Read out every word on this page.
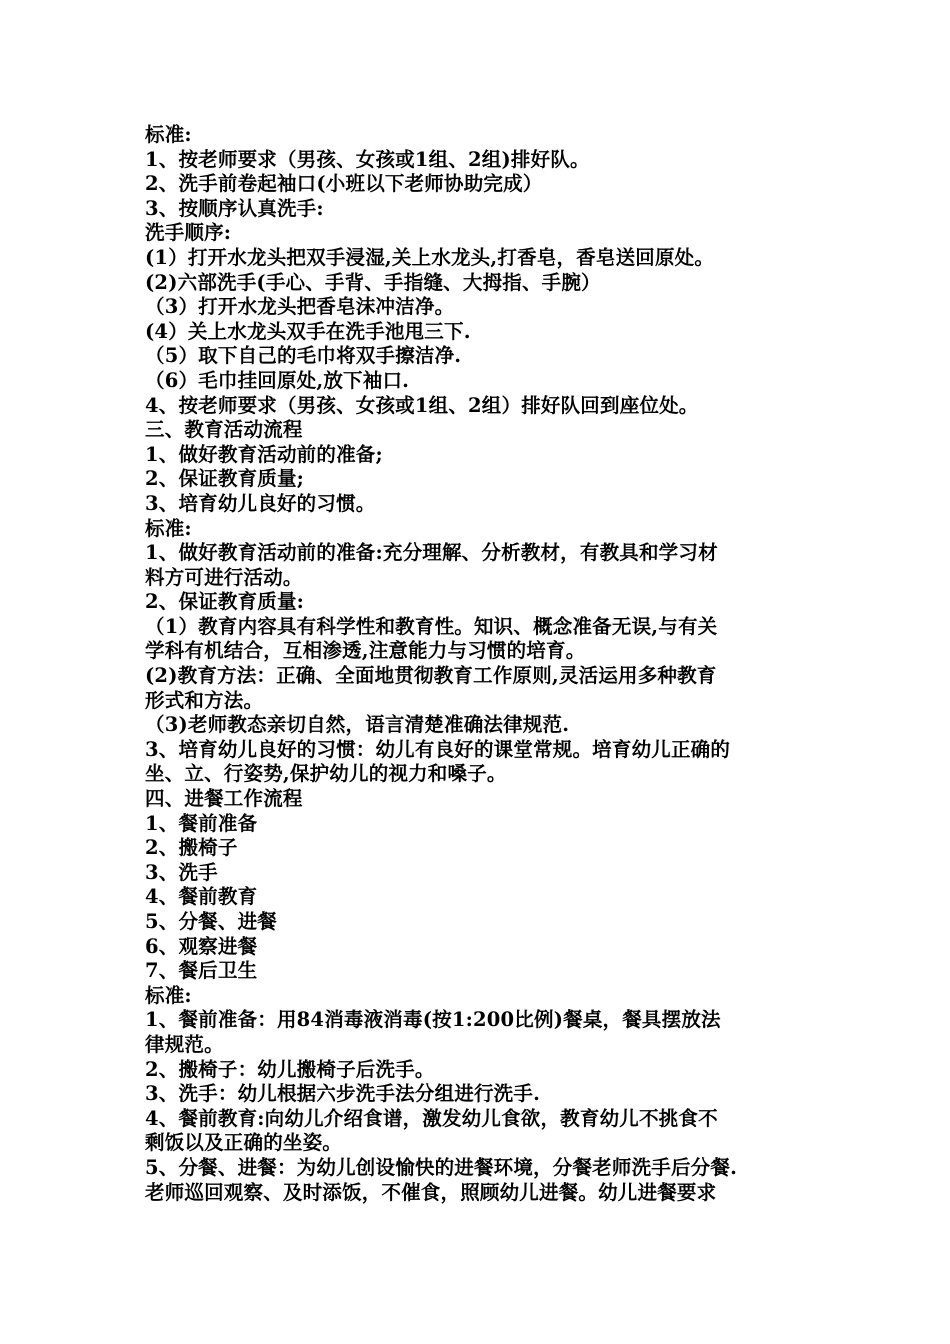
标准:
1、按老师要求（男孩、女孩或1组、2组)排好队。
2、洗手前卷起袖口(小班以下老师协助完成）
3、按顺序认真洗手:
洗手顺序:
(1）打开水龙头把双手浸湿,关上水龙头,打香皂，香皂送回原处。
(2)六部洗手(手心、手背、手指缝、大拇指、手腕）
（3）打开水龙头把香皂沫冲洁净。
(4）关上水龙头双手在洗手池甩三下.
（5）取下自己的毛巾将双手擦洁净.
（6）毛巾挂回原处,放下袖口.
4、按老师要求（男孩、女孩或1组、2组）排好队回到座位处。
三、教育活动流程
1、做好教育活动前的准备;
2、保证教育质量;
3、培育幼儿良好的习惯。
标准:
1、做好教育活动前的准备:充分理解、分析教材，有教具和学习材
料方可进行活动。
2、保证教育质量:
（1）教育内容具有科学性和教育性。知识、概念准备无误,与有关
学科有机结合，互相渗透,注意能力与习惯的培育。
(2)教育方法：正确、全面地贯彻教育工作原则,灵活运用多种教育
形式和方法。
（3)老师教态亲切自然，语言清楚准确法律规范.
3、培育幼儿良好的习惯：幼儿有良好的课堂常规。培育幼儿正确的
坐、立、行姿势,保护幼儿的视力和嗓子。
四、进餐工作流程
1、餐前准备
2、搬椅子
3、洗手
4、餐前教育
5、分餐、进餐
6、观察进餐
7、餐后卫生
标准:
1、餐前准备：用84消毒液消毒(按1:200比例)餐桌，餐具摆放法
律规范。
2、搬椅子：幼儿搬椅子后洗手。
3、洗手：幼儿根据六步洗手法分组进行洗手.
4、餐前教育:向幼儿介绍食谱，激发幼儿食欲，教育幼儿不挑食不
剩饭以及正确的坐姿。
5、分餐、进餐：为幼儿创设愉快的进餐环境，分餐老师洗手后分餐.
老师巡回观察、及时添饭，不催食，照顾幼儿进餐。幼儿进餐要求
